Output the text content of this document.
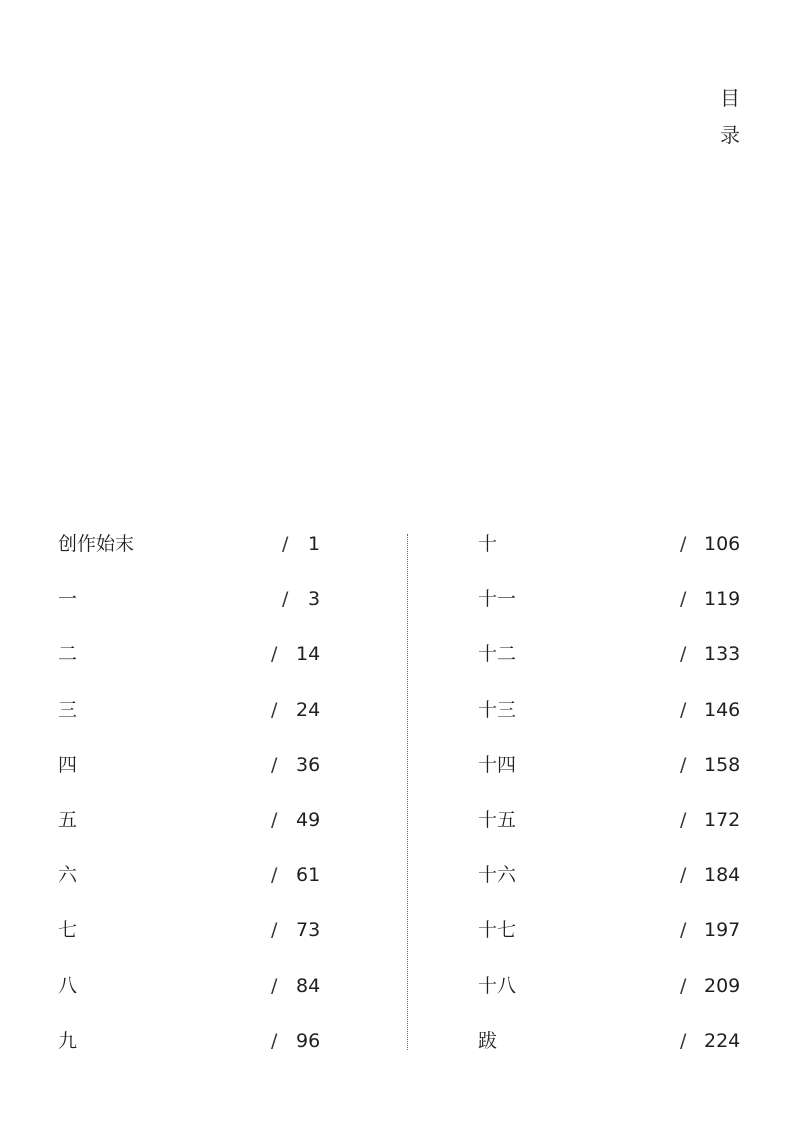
目
录
创作始末	/ 1
一	/ 3
二	/ 14
三	/ 24
四	/ 36
五	/ 49
六	/ 61
七	/ 73
八	/ 84
九	/ 96
十	/ 106
十一	/ 119
十二	/ 133
十三	/ 146
十四	/ 158
十五	/ 172
十六	/ 184
十七	/ 197
十八	/ 209
跋	/ 224
